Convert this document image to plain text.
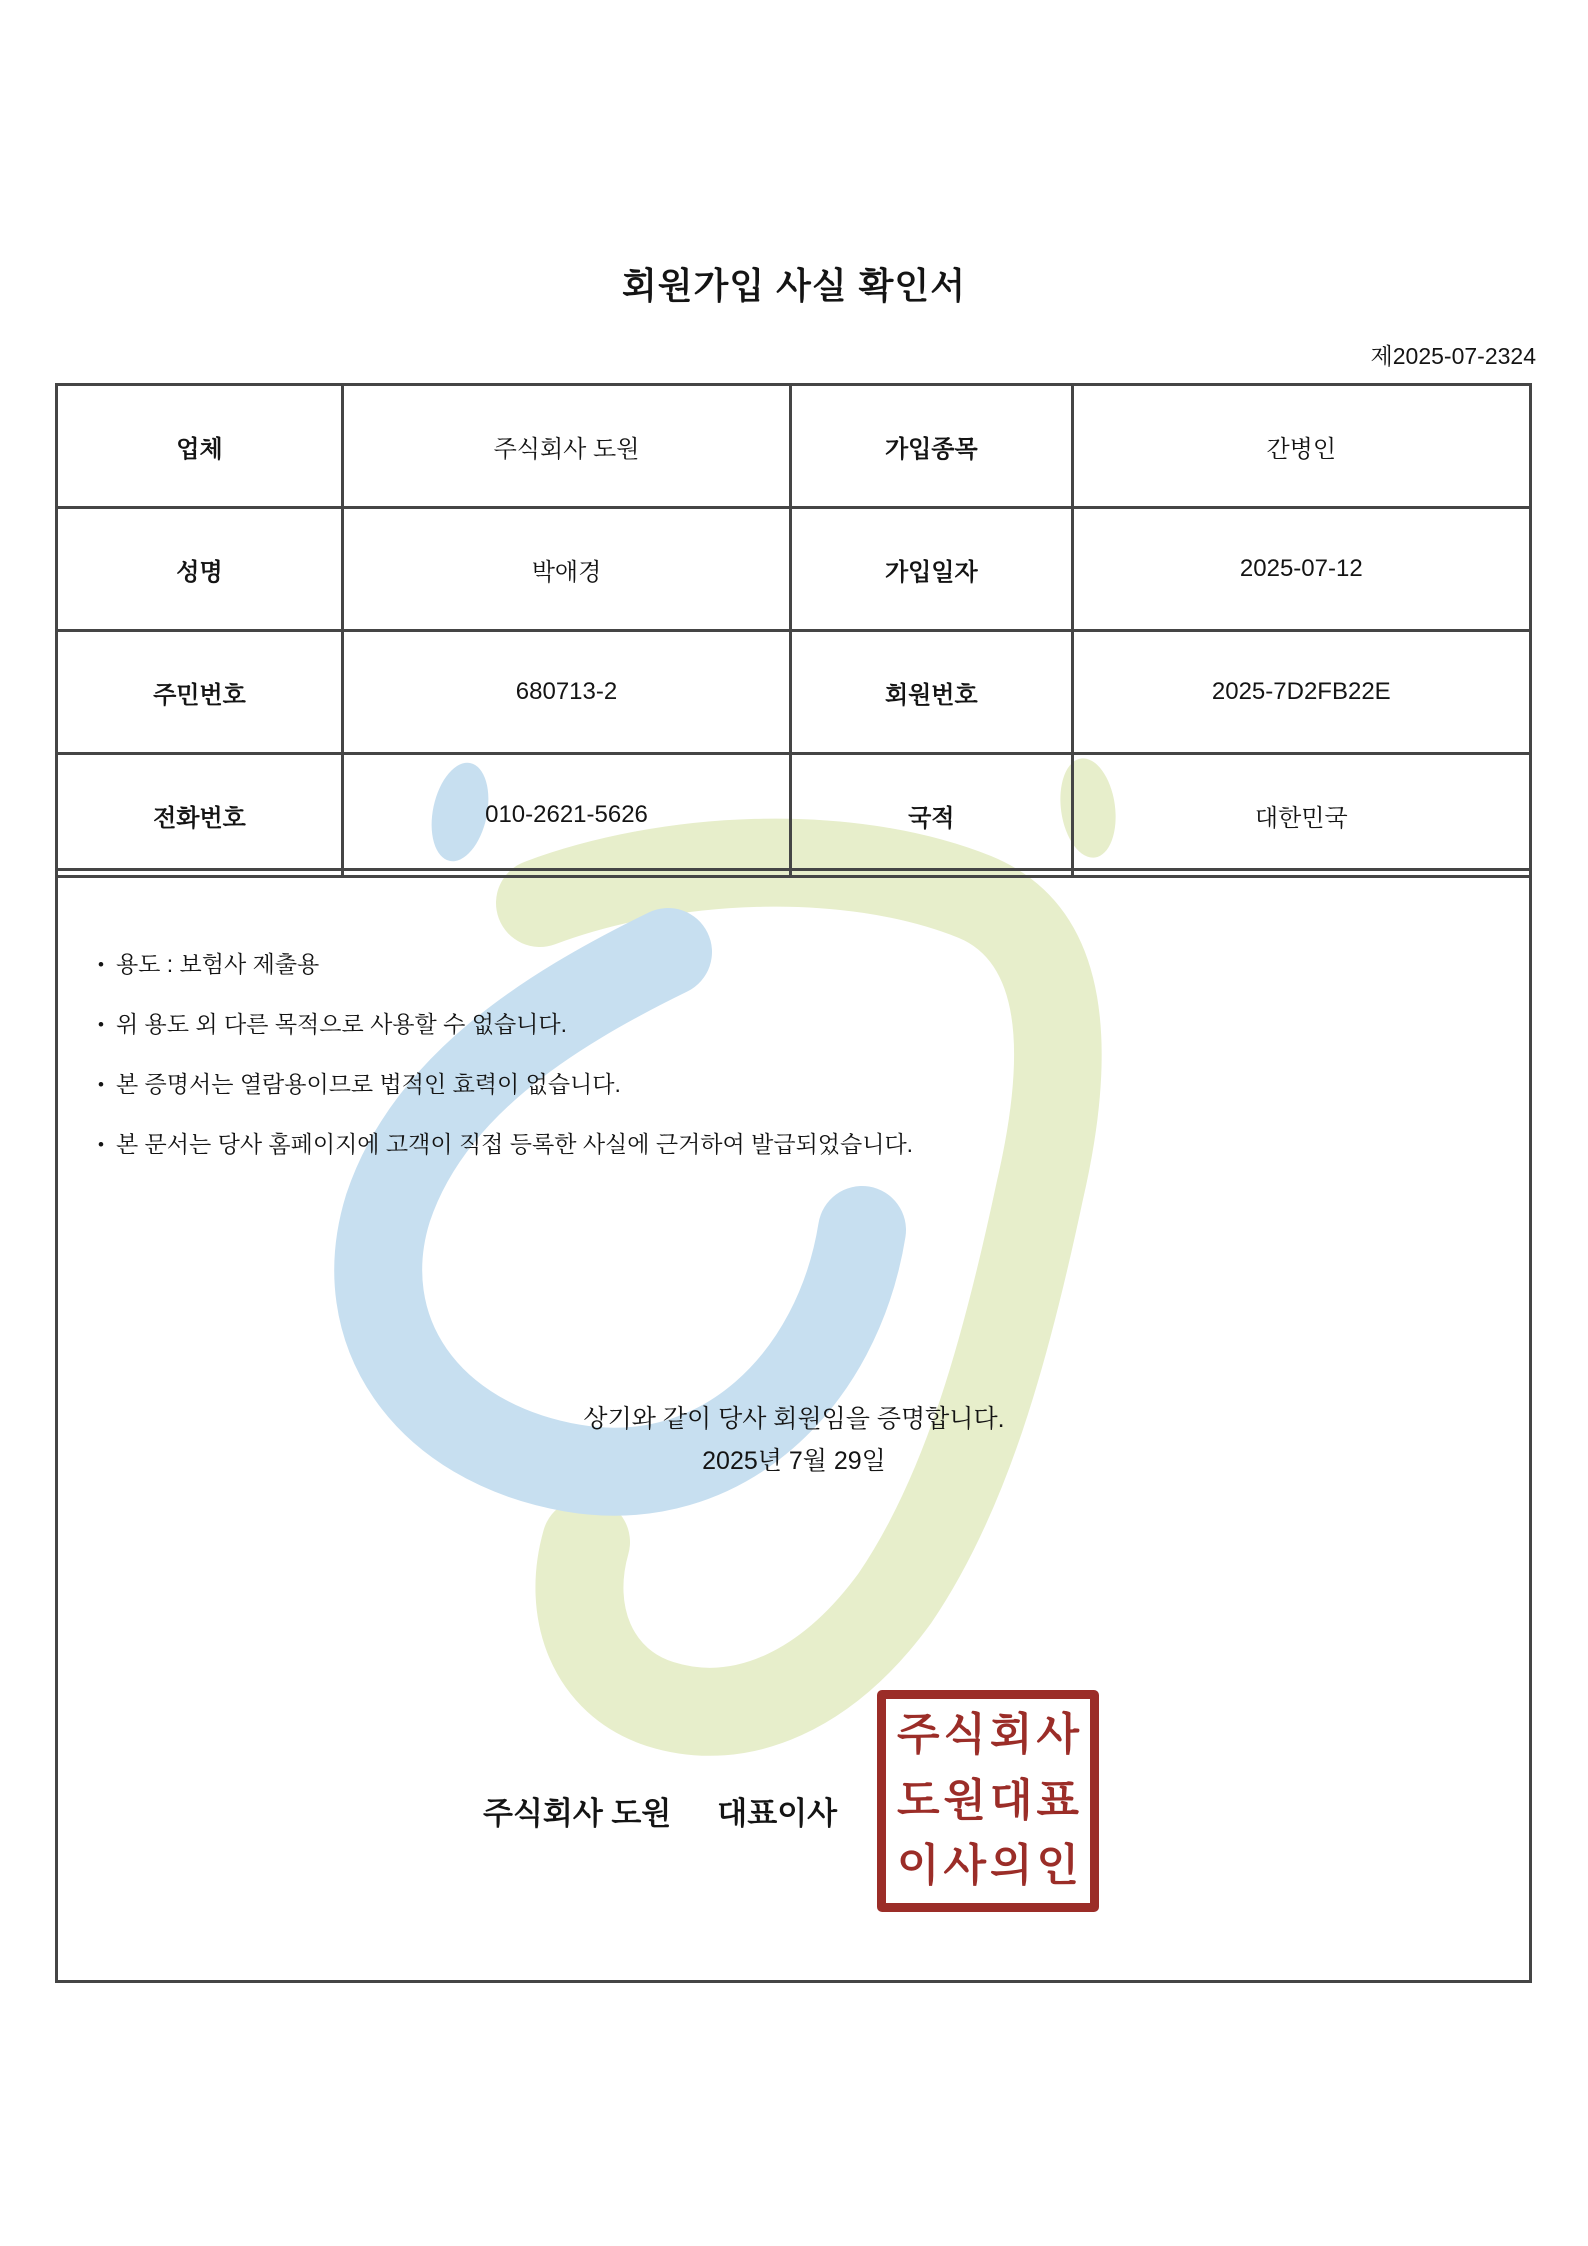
회원가입 사실 확인서
제2025-07-2324
업체	주식회사 도원	가입종목	간병인
성명	박애경	가입일자	2025-07-12
주민번호	680713-2	회원번호	2025-7D2FB22E
전화번호	010-2621-5626	국적	대한민국
• 용도 : 보험사 제출용
• 위 용도 외 다른 목적으로 사용할 수 없습니다.
• 본 증명서는 열람용이므로 법적인 효력이 없습니다.
• 본 문서는 당사 홈페이지에 고객이 직접 등록한 사실에 근거하여 발급되었습니다.
상기와 같이 당사 회원임을 증명합니다.
2025년 7월 29일
주식회사 도원 대표이사
주식회사
도원대표
이사의인
